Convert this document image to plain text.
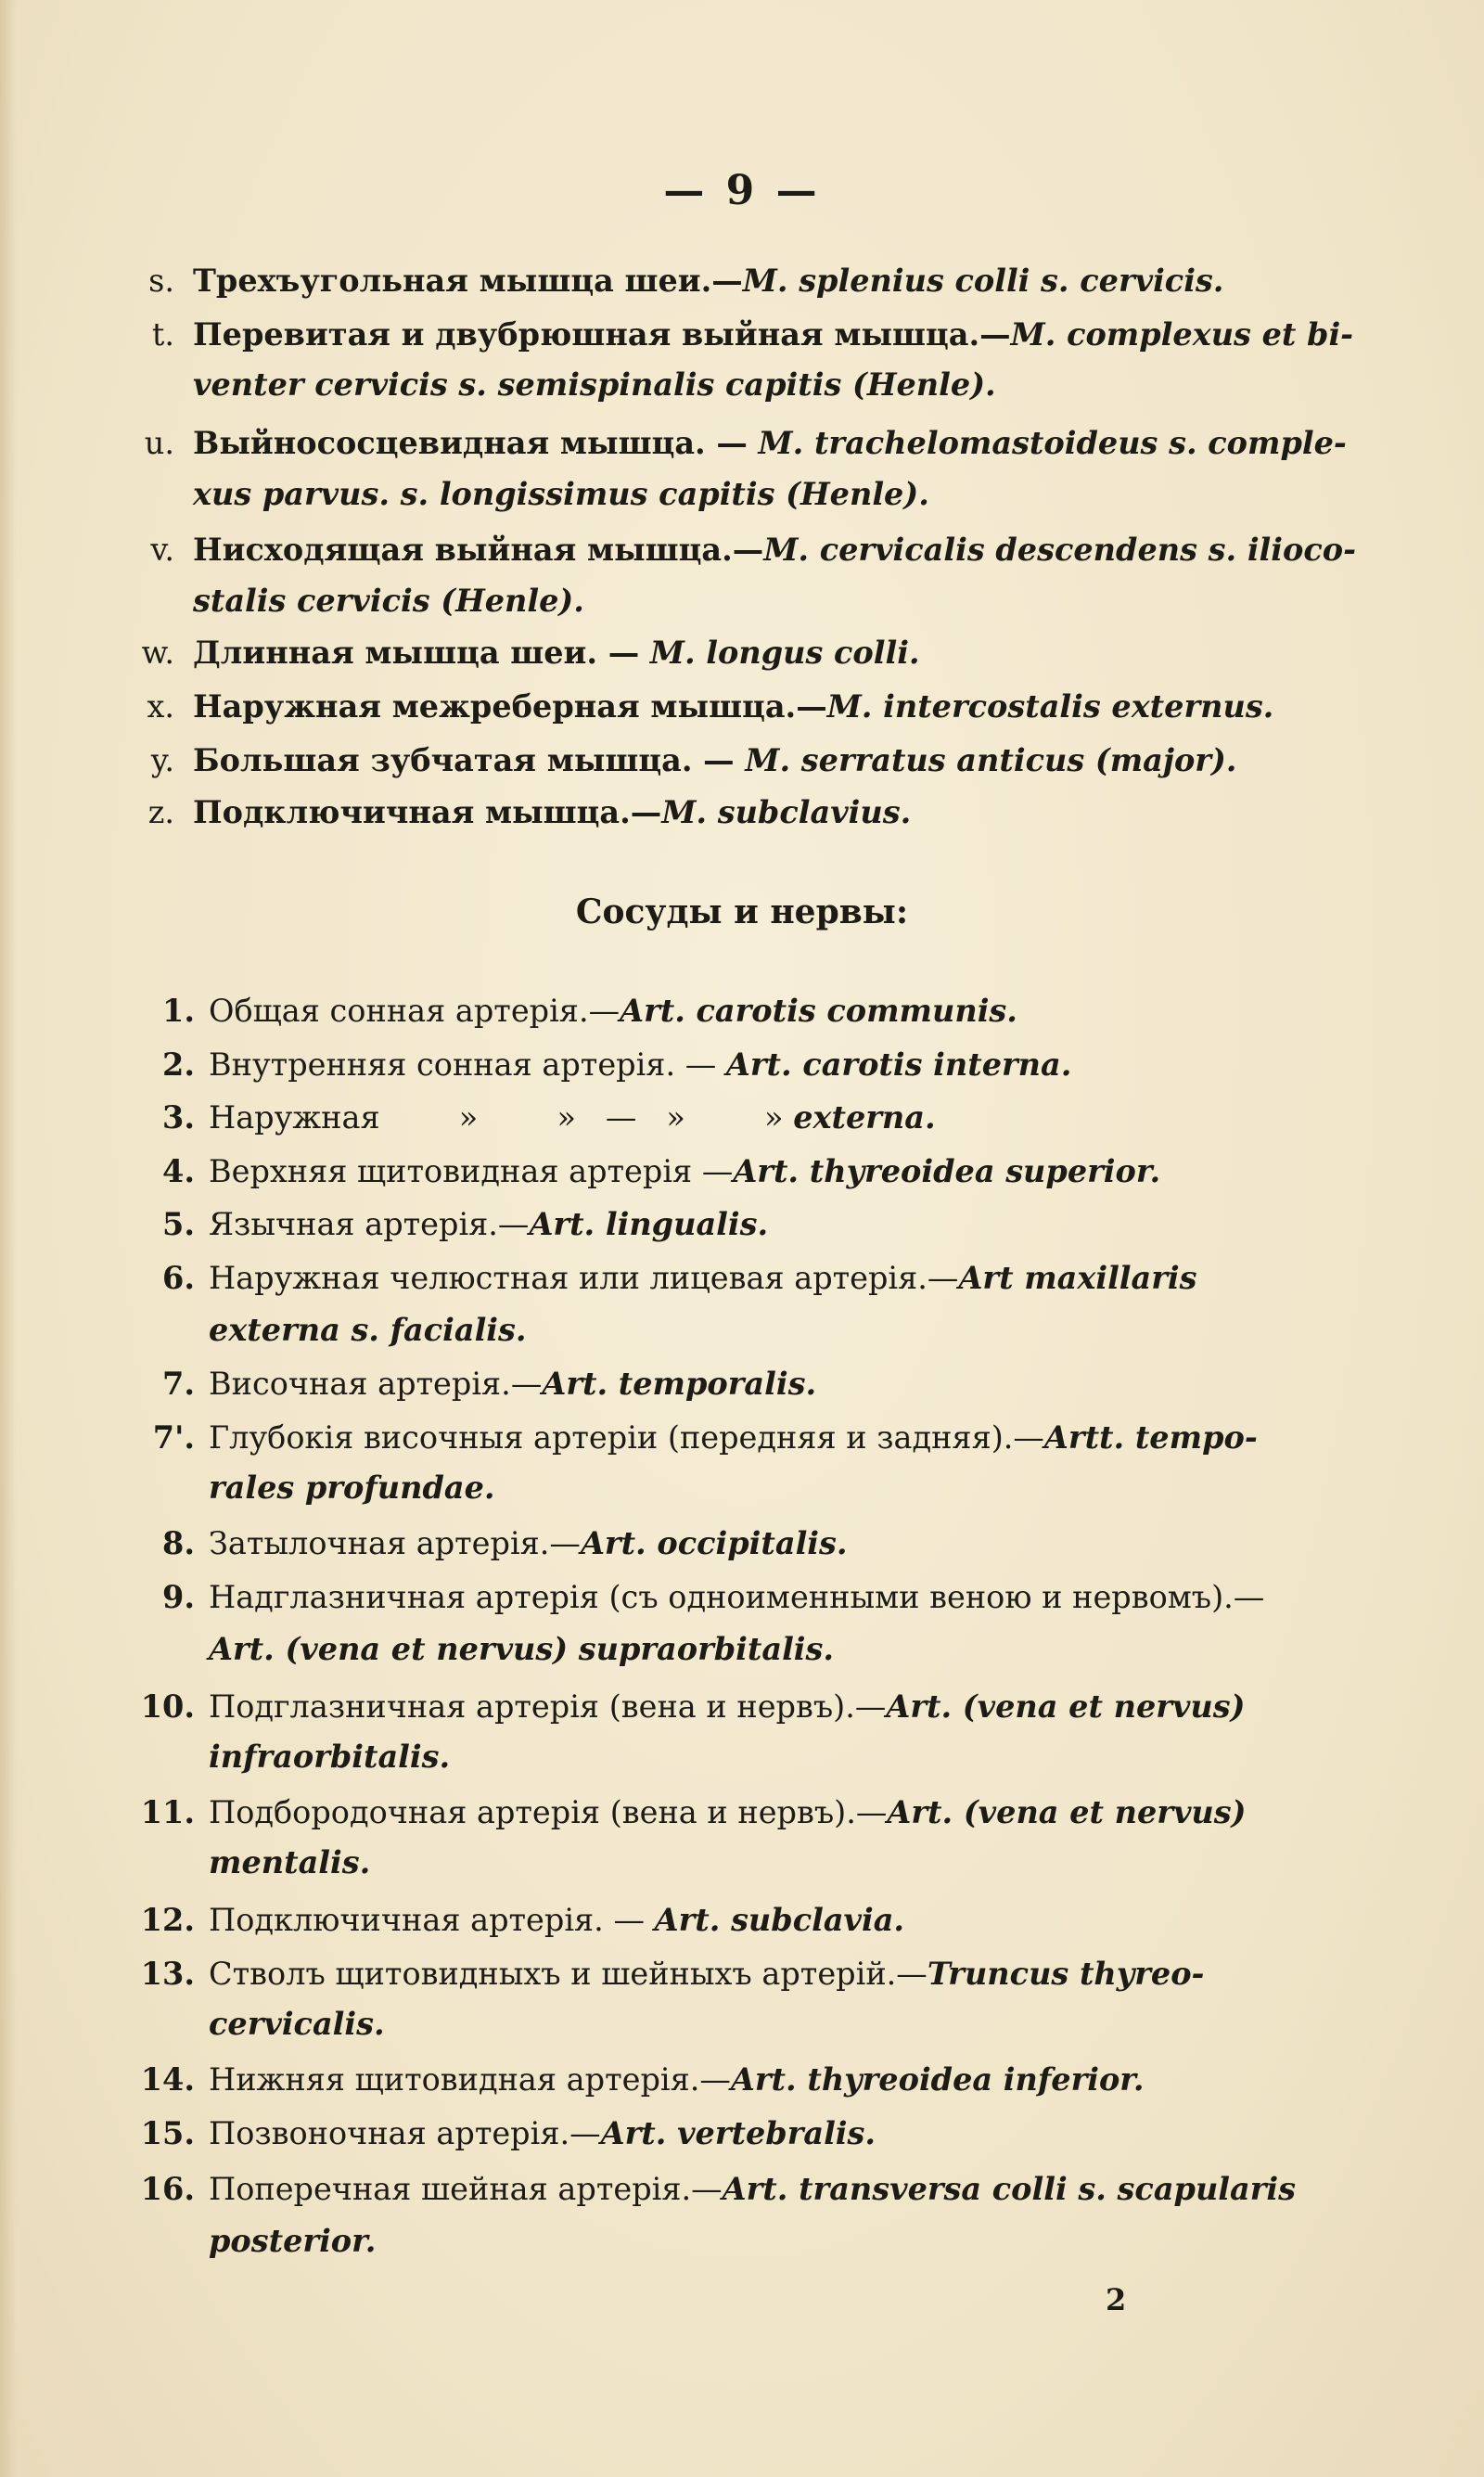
— 9 —
s. Трехъугольная мышца шеи.—M. splenius colli s. cervicis.
t. Перевитая и двубрюшная выйная мышца.—M. complexus et bi-
venter cervicis s. semispinalis capitis (Henle).
u. Выйнососцевидная мышца. — M. trachelomastoideus s. comple-
xus parvus. s. longissimus capitis (Henle).
v. Нисходящая выйная мышца.—M. cervicalis descendens s. ilioco-
stalis cervicis (Henle).
w. Длинная мышца шеи. — M. longus colli.
x. Наружная межреберная мышца.—M. intercostalis externus.
y. Большая зубчатая мышца. — M. serratus anticus (major).
z. Подключичная мышца.—M. subclavius.
Сосуды и нервы:
1. Общая сонная артерія.—Art. carotis communis.
2. Внутренняя сонная артерія. — Art. carotis interna.
3. Наружная        »        »   —   »        » externa.
4. Верхняя щитовидная артерія —Art. thyreoidea superior.
5. Язычная артерія.—Art. lingualis.
6. Наружная челюстная или лицевая артерія.—Art maxillaris
externa s. facialis.
7. Височная артерія.—Art. temporalis.
7'. Глубокія височныя артеріи (передняя и задняя).—Artt. tempo-
rales profundae.
8. Затылочная артерія.—Art. occipitalis.
9. Надглазничная артерія (съ одноименными веною и нервомъ).—
Art. (vena et nervus) supraorbitalis.
10. Подглазничная артерія (вена и нервъ).—Art. (vena et nervus)
infraorbitalis.
11. Подбородочная артерія (вена и нервъ).—Art. (vena et nervus)
mentalis.
12. Подключичная артерія. — Art. subclavia.
13. Стволъ щитовидныхъ и шейныхъ артерій.—Truncus thyreo-
cervicalis.
14. Нижняя щитовидная артерія.—Art. thyreoidea inferior.
15. Позвоночная артерія.—Art. vertebralis.
16. Поперечная шейная артерія.—Art. transversa colli s. scapularis
posterior.
2
